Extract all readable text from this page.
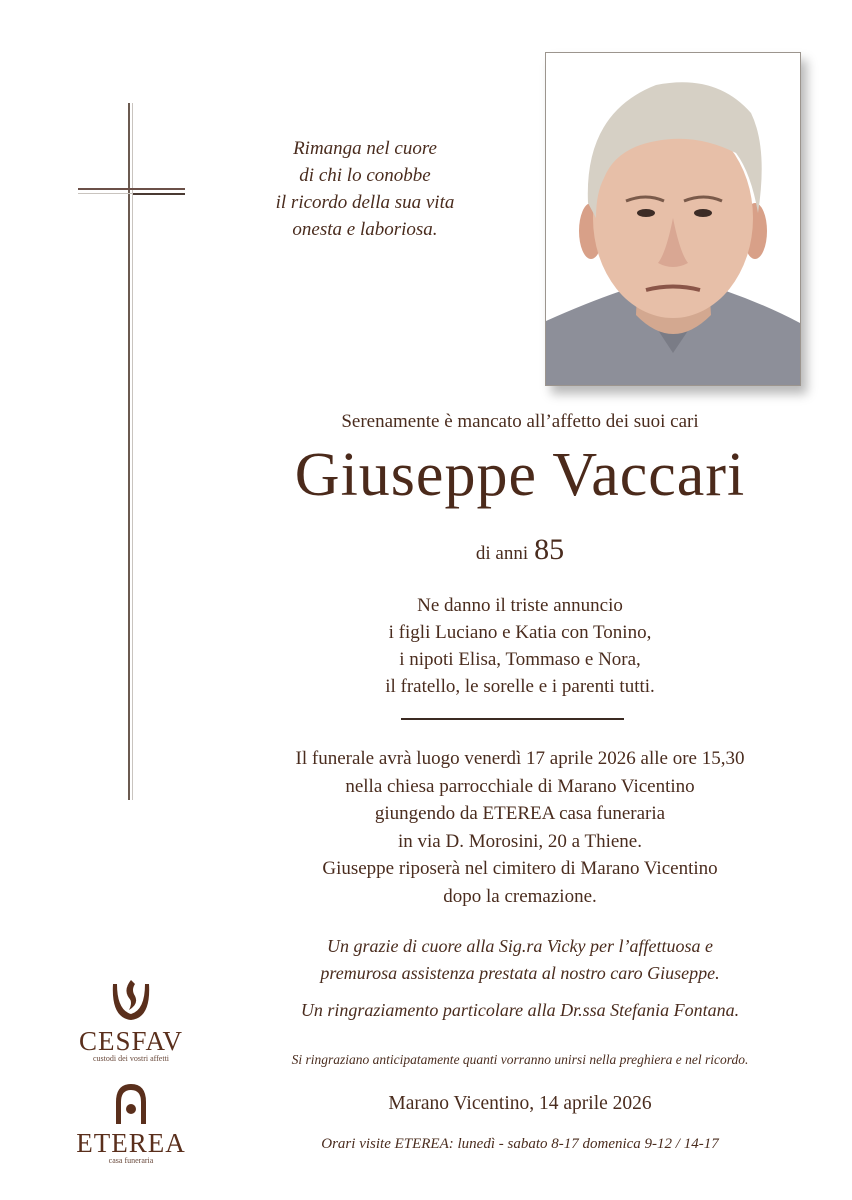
Rimanga nel cuore
di chi lo conobbe
il ricordo della sua vita
onesta e laboriosa.
Serenamente è mancato all’affetto dei suoi cari
Giuseppe Vaccari
di anni 85
Ne danno il triste annuncio
i figli Luciano e Katia con Tonino,
i nipoti Elisa, Tommaso e Nora,
il fratello, le sorelle e i parenti tutti.
Il funerale avrà luogo venerdì 17 aprile 2026 alle ore 15,30
nella chiesa parrocchiale di Marano Vicentino
giungendo da ETEREA casa funeraria
in via D. Morosini, 20 a Thiene.
Giuseppe riposerà nel cimitero di Marano Vicentino
dopo la cremazione.
Un grazie di cuore alla Sig.ra Vicky per l’affettuosa e
premurosa assistenza prestata al nostro caro Giuseppe.
Un ringraziamento particolare alla Dr.ssa Stefania Fontana.
Si ringraziano anticipatamente quanti vorranno unirsi nella preghiera e nel ricordo.
Marano Vicentino, 14 aprile 2026
Orari visite ETEREA: lunedì - sabato 8-17 domenica 9-12 / 14-17
CESFAV
custodi dei vostri affetti
ETEREA
casa funeraria
